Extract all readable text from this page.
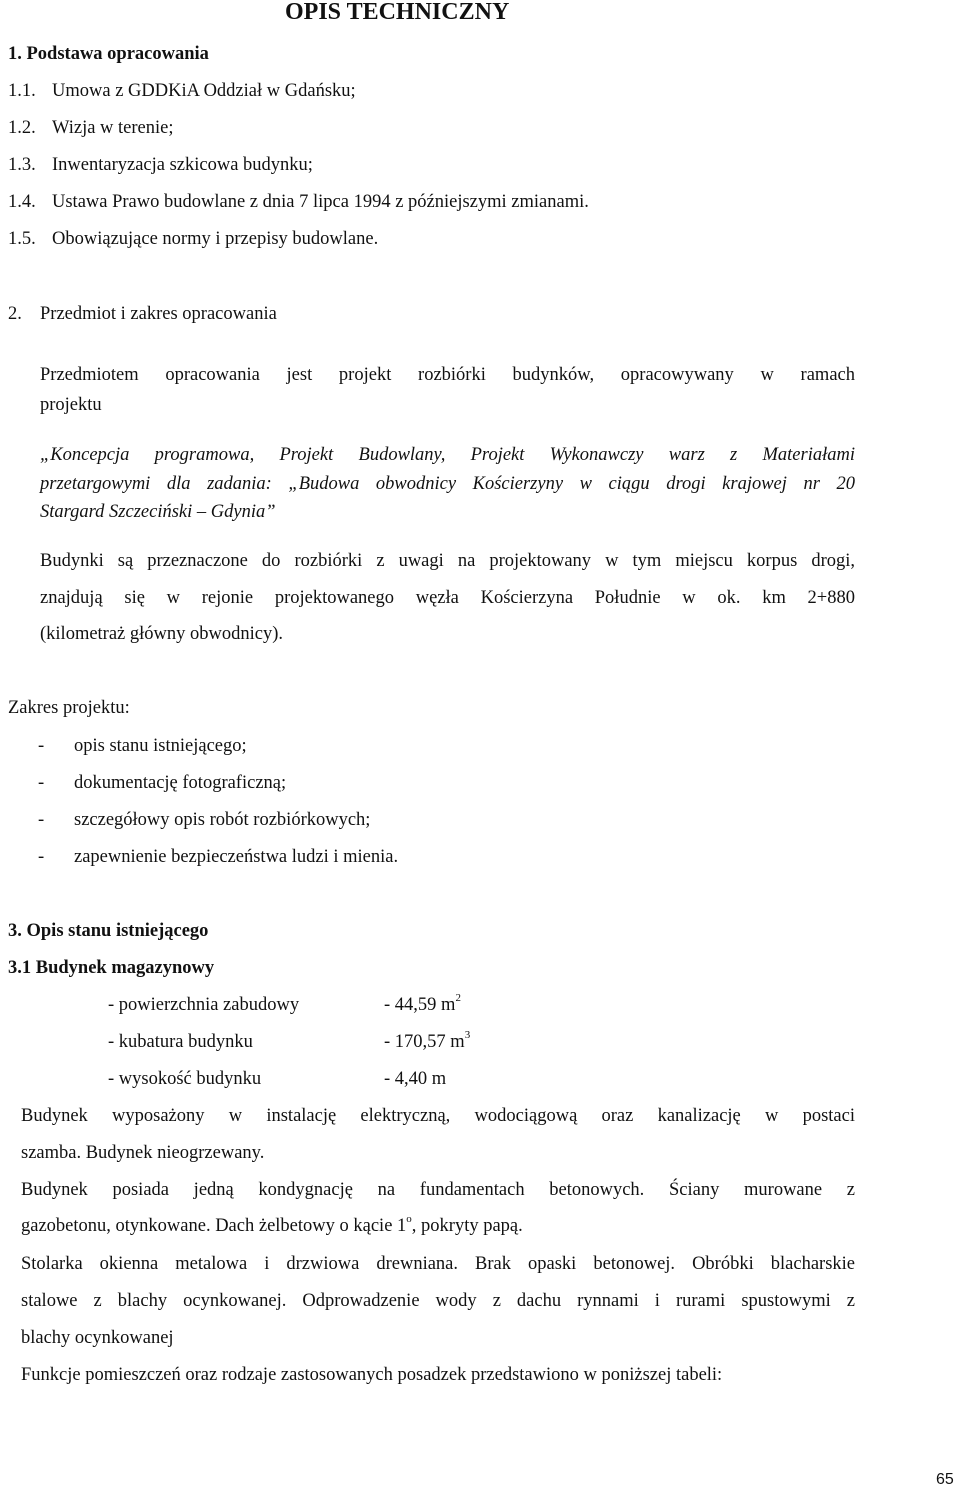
OPIS TECHNICZNY
1. Podstawa opracowania
1.1. Umowa z GDDKiA Oddział w Gdańsku;
1.2. Wizja w terenie;
1.3. Inwentaryzacja szkicowa budynku;
1.4. Ustawa Prawo budowlane z dnia 7 lipca 1994 z późniejszymi zmianami.
1.5. Obowiązujące normy i przepisy budowlane.
2. Przedmiot i zakres opracowania
Przedmiotem opracowania jest projekt rozbiórki budynków, opracowywany w ramach
projektu
„Koncepcja programowa, Projekt Budowlany, Projekt Wykonawczy warz z Materiałami
przetargowymi dla zadania: „Budowa obwodnicy Kościerzyny w ciągu drogi krajowej nr 20
Stargard Szczeciński – Gdynia”
Budynki są przeznaczone do rozbiórki z uwagi na projektowany w tym miejscu korpus drogi,
znajdują się w rejonie projektowanego węzła Kościerzyna Południe w ok. km 2+880
(kilometraż główny obwodnicy).
Zakres projektu:
- opis stanu istniejącego;
- dokumentację fotograficzną;
- szczegółowy opis robót rozbiórkowych;
- zapewnienie bezpieczeństwa ludzi i mienia.
3. Opis stanu istniejącego
3.1 Budynek magazynowy
- powierzchnia zabudowy	- 44,59 $m^2$
- kubatura budynku	- 170,57 $m^3$
- wysokość budynku	- 4,40 m
Budynek wyposażony w instalację elektryczną, wodociągową oraz kanalizację w postaci
szamba. Budynek nieogrzewany.
Budynek posiada jedną kondygnację na fundamentach betonowych. Ściany murowane z
gazobetonu, otynkowane. Dach żelbetowy o kącie 1$^o$, pokryty papą.
Stolarka okienna metalowa i drzwiowa drewniana. Brak opaski betonowej. Obróbki blacharskie
stalowe z blachy ocynkowanej. Odprowadzenie wody z dachu rynnami i rurami spustowymi z
blachy ocynkowanej
Funkcje pomieszczeń oraz rodzaje zastosowanych posadzek przedstawiono w poniższej tabeli:
65
